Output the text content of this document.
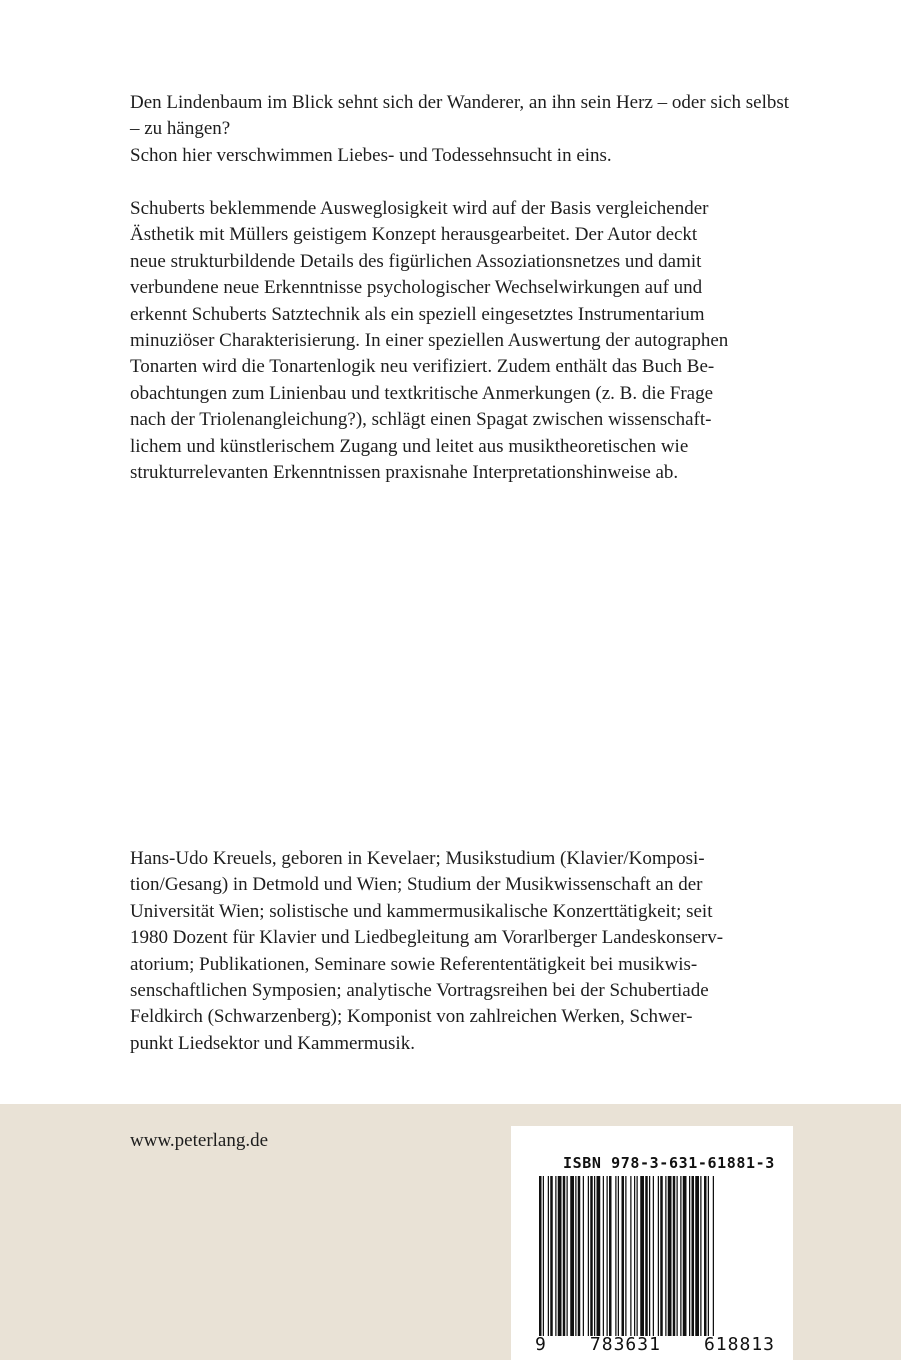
Den Lindenbaum im Blick sehnt sich der Wanderer, an ihn sein Herz – oder sich selbst – zu hängen?

Schon hier verschwimmen Liebes- und Todessehnsucht in eins.

Schuberts beklemmende Ausweglosigkeit wird auf der Basis vergleichender
Ästhetik mit Müllers geistigem Konzept herausgearbeitet. Der Autor deckt
neue strukturbildende Details des figürlichen Assoziationsnetzes und damit
verbundene neue Erkenntnisse psychologischer Wechselwirkungen auf und
erkennt Schuberts Satztechnik als ein speziell eingesetztes Instrumentarium
minuziöser Charakterisierung. In einer speziellen Auswertung der autographen
Tonarten wird die Tonartenlogik neu verifiziert. Zudem enthält das Buch Be-
obachtungen zum Linienbau und textkritische Anmerkungen (z. B. die Frage
nach der Triolenangleichung?), schlägt einen Spagat zwischen wissenschaft-
lichem und künstlerischem Zugang und leitet aus musiktheoretischen wie
strukturrelevanten Erkenntnissen praxisnahe Interpretationshinweise ab.
Hans-Udo Kreuels, geboren in Kevelaer; Musikstudium (Klavier/Komposi-
tion/Gesang) in Detmold und Wien; Studium der Musikwissenschaft an der
Universität Wien; solistische und kammermusikalische Konzerttätigkeit; seit
1980 Dozent für Klavier und Liedbegleitung am Vorarlberger Landeskonserv-
atorium; Publikationen, Seminare sowie Referententätigkeit bei musikwis-
senschaftlichen Symposien; analytische Vortragsreihen bei der Schubertiade
Feldkirch (Schwarzenberg); Komponist von zahlreichen Werken, Schwer-
punkt Liedsektor und Kammermusik.
www.peterlang.de
ISBN 978-3-631-61881-3
9 783631 618813
